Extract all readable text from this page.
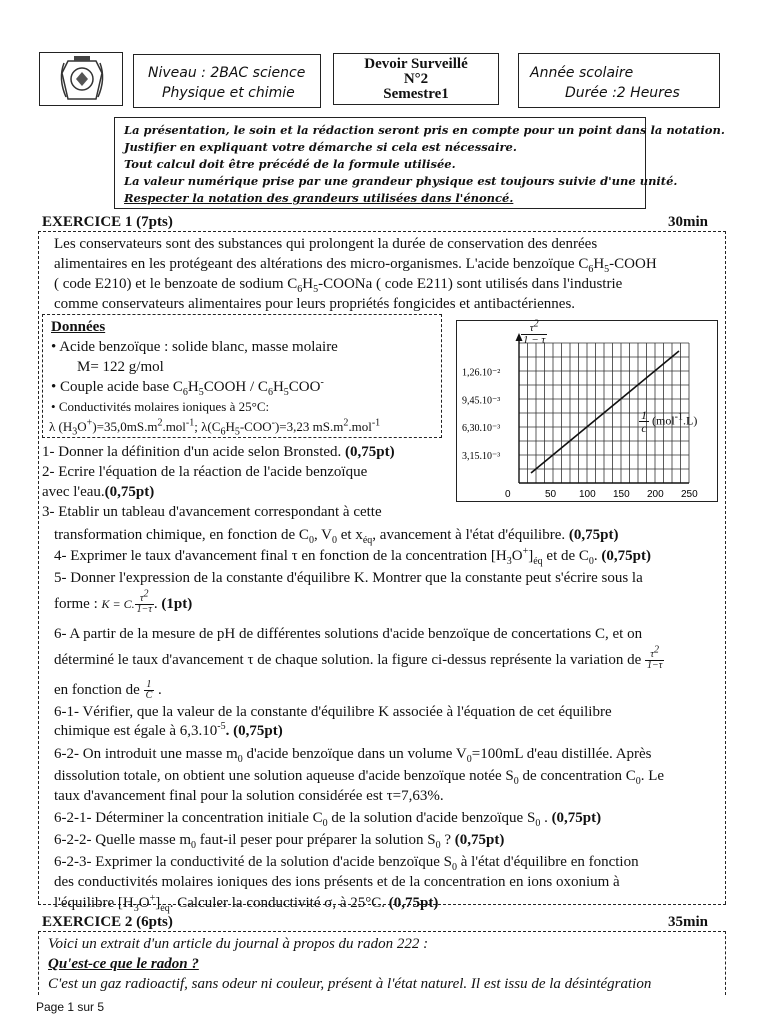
Niveau : 2BAC science
Physique et chimie
Devoir Surveillé
N°2
Semestre1
Année scolaire
Durée :2 Heures
La présentation, le soin et la rédaction seront pris en compte pour un point dans la notation.
Justifier en expliquant votre démarche si cela est nécessaire.
Tout calcul doit être précédé de la formule utilisée.
La valeur numérique prise par une grandeur physique est toujours suivie d'une unité.
Respecter la notation des grandeurs utilisées dans l'énoncé.
EXERCICE 1 (7pts)	30min
Les conservateurs sont des substances qui prolongent la durée de conservation des denrées
alimentaires en les protégeant des altérations des micro-organismes. L'acide benzoïque $C_6H_5$-COOH
( code E210) et le benzoate de sodium $C_6H_5$-COONa ( code E211) sont utilisés dans l'industrie
comme conservateurs alimentaires pour leurs propriétés fongicides et antibactériennes.
Données
• Acide benzoïque : solide blanc, masse molaire
M= 122 g/mol
• Couple acide base $C_6H_5COOH / C_6H_5COO^-$
• Conductivités molaires ioniques à 25°C:
λ $(H_3O^+)=35,0mS.m^2.mol^{-1}$; $\lambda(C_6H_5-COO^-)=3,23$ $mS.m^2.mol^{-1}$
3,15.10⁻³
6,30.10⁻³
9,45.10⁻³
1,26.10⁻²
0	50 100 150 200 250
$\frac{\tau^2}{1 - \tau}$
$\frac{1}{c} (mol^{-1}.L)$
1- Donner la définition d'un acide selon Bronsted. (0,75pt)
2- Ecrire l'équation de la réaction de l'acide benzoïque
avec l'eau.(0,75pt)
3- Etablir un tableau d'avancement correspondant à cette
transformation chimique, en fonction de $C_0$, $V_0$ et $x_{éq}$, avancement à l'état d'équilibre. (0,75pt)
4- Exprimer le taux d'avancement final τ en fonction de la concentration $[H_3O^+]_{éq}$ et de $C_0$. (0,75pt)
5- Donner l'expression de la constante d'équilibre K. Montrer que la constante peut s'écrire sous la
forme : K = C. $\frac{\tau^2}{1-\tau}$ . (1pt)
6- A partir de la mesure de pH de différentes solutions d'acide benzoïque de concertations C, et on
déterminé le taux d'avancement τ de chaque solution. la figure ci-dessus représente la variation de $\frac{\tau^2}{1-\tau}$
en fonction de $\frac{1}{C}$ .
6-1- Vérifier, que la valeur de la constante d'équilibre K associée à l'équation de cet équilibre
chimique est égale à $6,3.10^{-5}$. (0,75pt)
6-2- On introduit une masse $m_0$ d'acide benzoïque dans un volume $V_0=100mL$ d'eau distillée. Après
dissolution totale, on obtient une solution aqueuse d'acide benzoïque notée $S_0$ de concentration $C_0$. Le
taux d'avancement final pour la solution considérée est τ=7,63%.
6-2-1- Déterminer la concentration initiale $C_0$ de la solution d'acide benzoïque $S_0$ . (0,75pt)
6-2-2- Quelle masse $m_0$ faut-il peser pour préparer la solution $S_0$ ? (0,75pt)
6-2-3- Exprimer la conductivité de la solution d'acide benzoïque $S_0$ à l'état d'équilibre en fonction
des conductivités molaires ioniques des ions présents et de la concentration en ions oxonium à
l'équilibre $[H_3O^+]_{éq}$. Calculer la conductivité σ, à 25°C. (0,75pt)
EXERCICE 2 (6pts)	35min
Voici un extrait d'un article du journal à propos du radon 222 :
Qu'est-ce que le radon ?
C'est un gaz radioactif, sans odeur ni couleur, présent à l'état naturel. Il est issu de la désintégration
Page 1 sur 5
